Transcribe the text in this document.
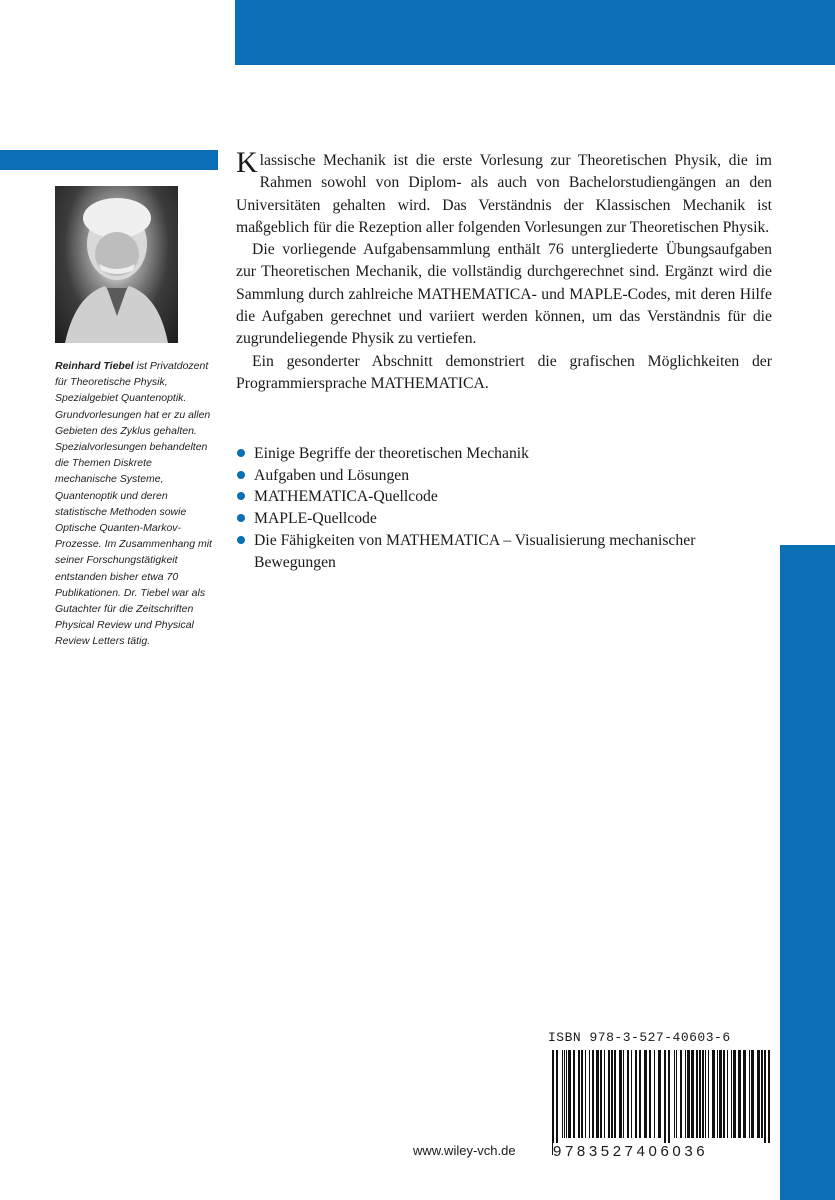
Reinhard Tiebel ist Privatdozent für Theoretische Physik, Spezialgebiet Quantenoptik. Grundvorlesungen hat er zu allen Gebieten des Zyklus gehalten. Spezialvorlesungen behandelten die Themen Diskrete mechanische Systeme, Quantenoptik und deren statistische Methoden sowie Optische Quanten-Markov-Prozesse. Im Zusammenhang mit seiner Forschungstätigkeit entstanden bisher etwa 70 Publikationen. Dr. Tiebel war als Gutachter für die Zeitschriften Physical Review und Physical Review Letters tätig.

Klassische Mechanik ist die erste Vorlesung zur Theoretischen Physik, die im Rahmen sowohl von Diplom- als auch von Bachelorstudiengängen an den Universitäten gehalten wird. Das Verständnis der Klassischen Mechanik ist maßgeblich für die Rezeption aller folgenden Vorlesungen zur Theoretischen Physik.

Die vorliegende Aufgabensammlung enthält 76 untergliederte Übungsaufgaben zur Theoretischen Mechanik, die vollständig durchgerechnet sind. Ergänzt wird die Sammlung durch zahlreiche MATHEMATICA- und MAPLE-Codes, mit deren Hilfe die Aufgaben gerechnet und variiert werden können, um das Verständnis für die zugrundeliegende Physik zu vertiefen.

Ein gesonderter Abschnitt demonstriert die grafischen Möglichkeiten der Programmiersprache MATHEMATICA.

Einige Begriffe der theoretischen Mechanik
Aufgaben und Lösungen
MATHEMATICA-Quellcode
MAPLE-Quellcode
Die Fähigkeiten von MATHEMATICA – Visualisierung mechanischer Bewegungen
ISBN 978-3-527-40603-6
9783527406036
www.wiley-vch.de
